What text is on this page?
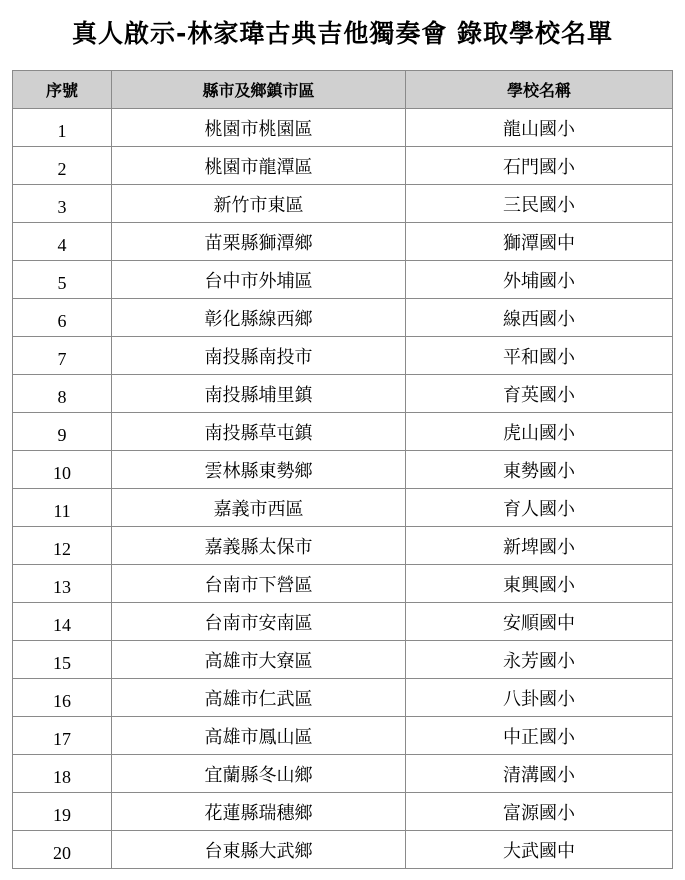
真人啟示-林家瑋古典吉他獨奏會 錄取學校名單
序號	縣市及鄉鎮市區	學校名稱
1	桃園市桃園區	龍山國小
2	桃園市龍潭區	石門國小
3	新竹市東區	三民國小
4	苗栗縣獅潭鄉	獅潭國中
5	台中市外埔區	外埔國小
6	彰化縣線西鄉	線西國小
7	南投縣南投市	平和國小
8	南投縣埔里鎮	育英國小
9	南投縣草屯鎮	虎山國小
10	雲林縣東勢鄉	東勢國小
11	嘉義市西區	育人國小
12	嘉義縣太保市	新埤國小
13	台南市下營區	東興國小
14	台南市安南區	安順國中
15	高雄市大寮區	永芳國小
16	高雄市仁武區	八卦國小
17	高雄市鳳山區	中正國小
18	宜蘭縣冬山鄉	清溝國小
19	花蓮縣瑞穗鄉	富源國小
20	台東縣大武鄉	大武國中
